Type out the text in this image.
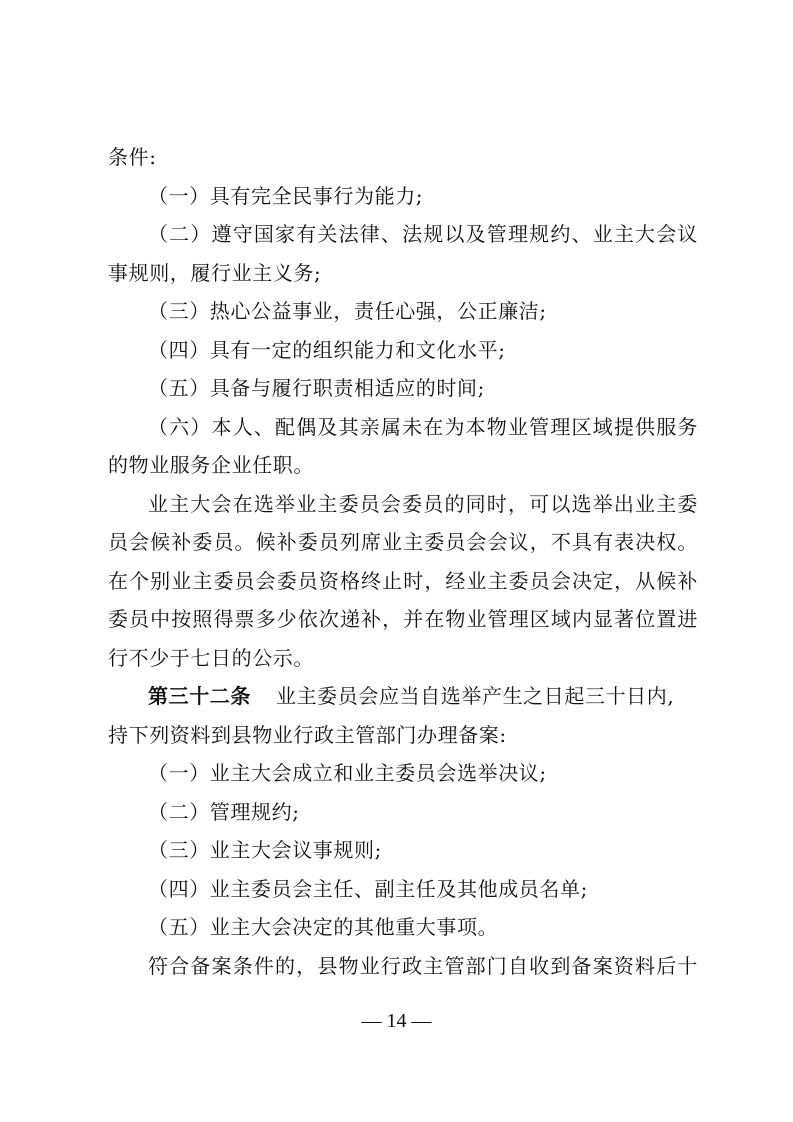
条件:
（一）具有完全民事行为能力;
（二）遵守国家有关法律、法规以及管理规约、业主大会议
事规则，履行业主义务;
（三）热心公益事业，责任心强，公正廉洁;
（四）具有一定的组织能力和文化水平;
（五）具备与履行职责相适应的时间;
（六）本人、配偶及其亲属未在为本物业管理区域提供服务
的物业服务企业任职。
业主大会在选举业主委员会委员的同时，可以选举出业主委
员会候补委员。候补委员列席业主委员会会议，不具有表决权。
在个别业主委员会委员资格终止时，经业主委员会决定，从候补
委员中按照得票多少依次递补，并在物业管理区域内显著位置进
行不少于七日的公示。
第三十二条 业主委员会应当自选举产生之日起三十日内,
持下列资料到县物业行政主管部门办理备案:
（一）业主大会成立和业主委员会选举决议;
（二）管理规约;
（三）业主大会议事规则;
（四）业主委员会主任、副主任及其他成员名单;
（五）业主大会决定的其他重大事项。
符合备案条件的，县物业行政主管部门自收到备案资料后十
— 14 —
